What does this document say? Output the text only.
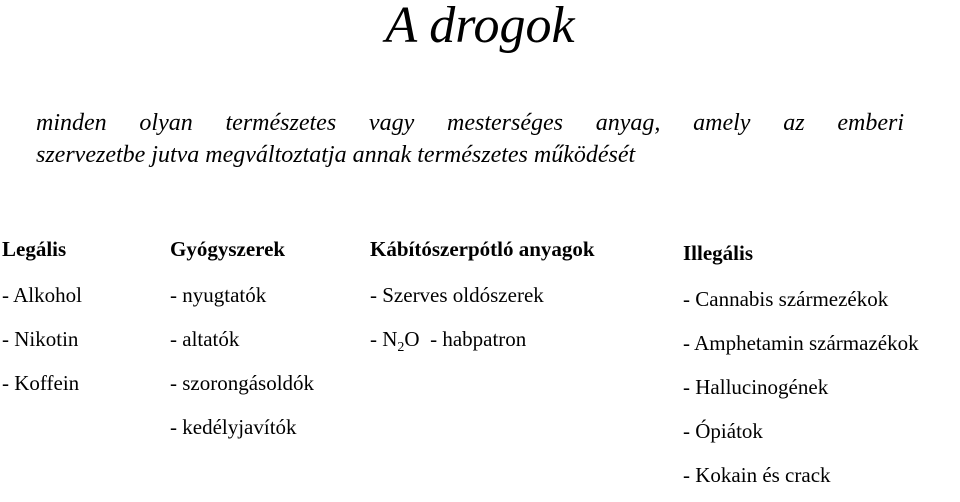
A drogok
minden olyan természetes vagy mesterséges anyag, amely az emberi
szervezetbe jutva megváltoztatja annak természetes működését
Legális
- Alkohol
- Nikotin
- Koffein
Gyógyszerek
- nyugtatók
- altatók
- szorongásoldók
- kedélyjavítók
Kábítószerpótló anyagok
- Szerves oldószerek
- $N_2O$  - habpatron
Illegális
- Cannabis szármezékok
- Amphetamin származékok
- Hallucinogének
- Ópiátok
- Kokain és crack
